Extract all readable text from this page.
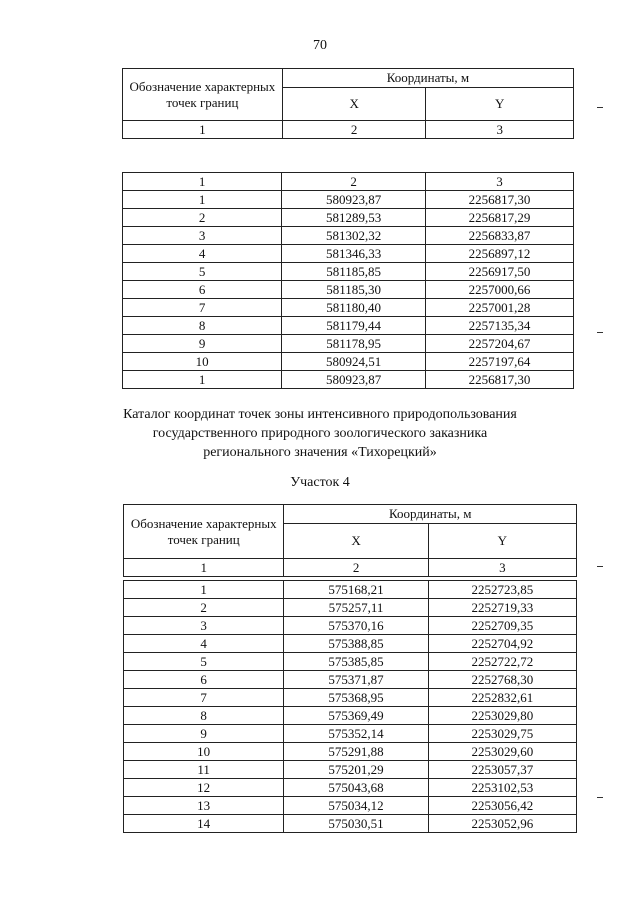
70
Обозначение характерных точек границ	Координаты, м	
	X	Y
1	2	3
1	2	3
1	580923,87	2256817,30
2	581289,53	2256817,29
3	581302,32	2256833,87
4	581346,33	2256897,12
5	581185,85	2256917,50
6	581185,30	2257000,66
7	581180,40	2257001,28
8	581179,44	2257135,34
9	581178,95	2257204,67
10	580924,51	2257197,64
1	580923,87	2256817,30
Каталог координат точек зоны интенсивного природопользования
государственного природного зоологического заказника
регионального значения «Тихорецкий»
Участок 4
Обозначение характерных точек границ	Координаты, м	
	X	Y
1	2	3
1	575168,21	2252723,85
2	575257,11	2252719,33
3	575370,16	2252709,35
4	575388,85	2252704,92
5	575385,85	2252722,72
6	575371,87	2252768,30
7	575368,95	2252832,61
8	575369,49	2253029,80
9	575352,14	2253029,75
10	575291,88	2253029,60
11	575201,29	2253057,37
12	575043,68	2253102,53
13	575034,12	2253056,42
14	575030,51	2253052,96
